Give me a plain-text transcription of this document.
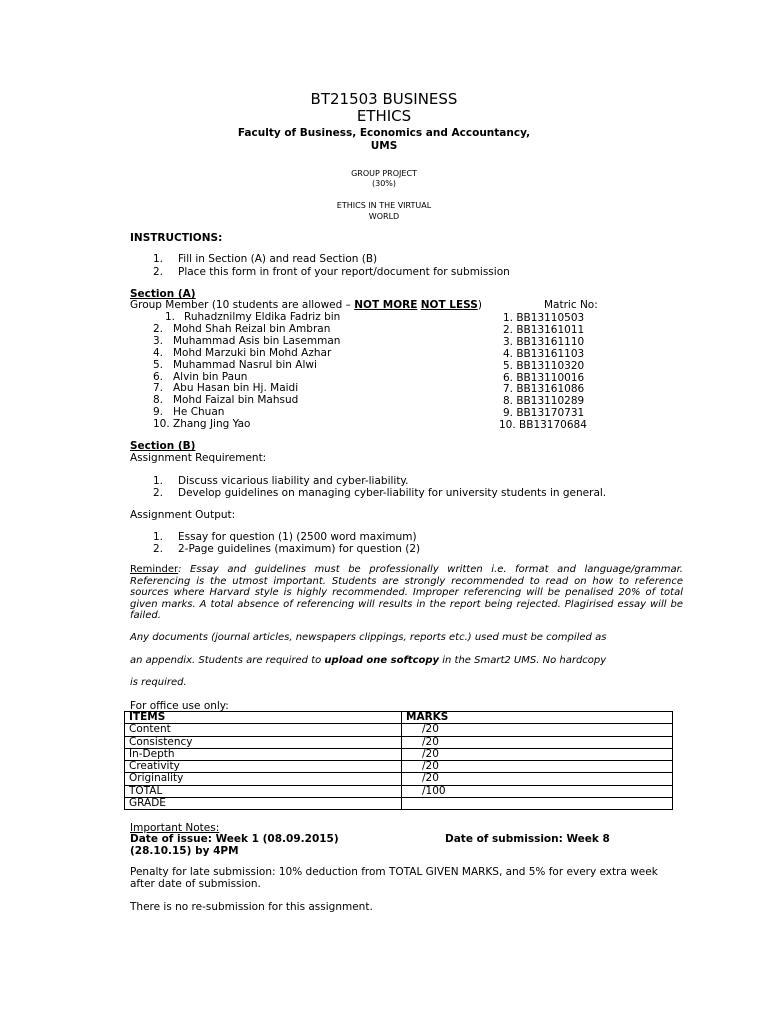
BT21503 BUSINESS
ETHICS
Faculty of Business, Economics and Accountancy,
UMS
GROUP PROJECT
(30%)
ETHICS IN THE VIRTUAL
WORLD
INSTRUCTIONS:
1. Fill in Section (A) and read Section (B)
2. Place this form in front of your report/document for submission
Section (A)
Group Member (10 students are allowed – NOT MORE NOT LESS)	Matric No:
1. Ruhadznilmy Eldika Fadriz bin	1. BB13110503
2. Mohd Shah Reizal bin Ambran	2. BB13161011
3. Muhammad Asis bin Lasemman	3. BB13161110
4. Mohd Marzuki bin Mohd Azhar	4. BB13161103
5. Muhammad Nasrul bin Alwi	5. BB13110320
6. Alvin bin Paun	6. BB13110016
7. Abu Hasan bin Hj. Maidi	7. BB13161086
8. Mohd Faizal bin Mahsud	8. BB13110289
9. He Chuan	9. BB13170731
10. Zhang Jing Yao	10. BB13170684
Section (B)
Assignment Requirement:
1. Discuss vicarious liability and cyber-liability.
2. Develop guidelines on managing cyber-liability for university students in general.
Assignment Output:
1. Essay for question (1) (2500 word maximum)
2. 2-Page guidelines (maximum) for question (2)
Reminder: Essay and guidelines must be professionally written i.e. format and language/grammar. Referencing is the utmost important. Students are strongly recommended to read on how to reference sources where Harvard style is highly recommended. Improper referencing will be penalised 20% of total given marks. A total absence of referencing will results in the report being rejected. Plagirised essay will be failed.
Any documents (journal articles, newspapers clippings, reports etc.) used must be compiled as
an appendix. Students are required to upload one softcopy in the Smart2 UMS. No hardcopy
is required.
For office use only:
ITEMS	MARKS
Content	/20
Consistency	/20
In-Depth	/20
Creativity	/20
Originality	/20
TOTAL	/100
GRADE	
Important Notes:
Date of issue: Week 1 (08.09.2015)	Date of submission: Week 8
(28.10.15) by 4PM
Penalty for late submission: 10% deduction from TOTAL GIVEN MARKS, and 5% for every extra week
after date of submission.
There is no re-submission for this assignment.
